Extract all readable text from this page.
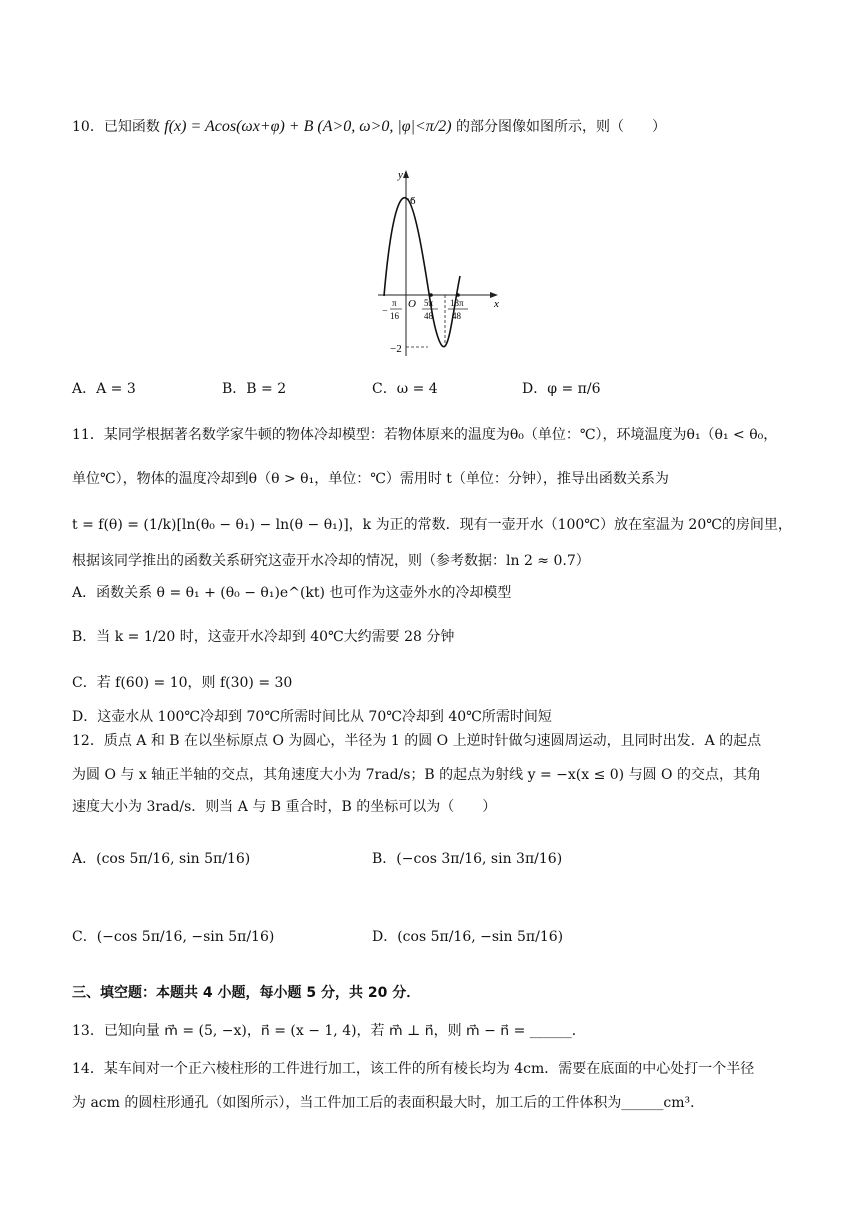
10．已知函数 f(x) = Acos(ωx+φ) + B (A>0, ω>0, |φ|<π/2) 的部分图像如图所示，则（　　）
y
x
6
−2
O
−
π
16
5π
48
13π
48
A．A = 3	B．B = 2	C．ω = 4	D．φ = π/6
11．某同学根据著名数学家牛顿的物体冷却模型：若物体原来的温度为θ₀（单位：℃），环境温度为θ₁（θ₁ < θ₀，
单位℃），物体的温度冷却到θ（θ > θ₁，单位：℃）需用时 t（单位：分钟），推导出函数关系为
t = f(θ) = (1/k)[ln(θ₀ − θ₁) − ln(θ − θ₁)]，k 为正的常数．现有一壶开水（100℃）放在室温为 20℃的房间里，
根据该同学推出的函数关系研究这壶开水冷却的情况，则（参考数据：ln 2 ≈ 0.7）
A．函数关系 θ = θ₁ + (θ₀ − θ₁)e^(kt) 也可作为这壶外水的冷却模型
B．当 k = 1/20 时，这壶开水冷却到 40℃大约需要 28 分钟
C．若 f(60) = 10，则 f(30) = 30
D．这壶水从 100℃冷却到 70℃所需时间比从 70℃冷却到 40℃所需时间短
12．质点 A 和 B 在以坐标原点 O 为圆心，半径为 1 的圆 O 上逆时针做匀速圆周运动，且同时出发．A 的起点
为圆 O 与 x 轴正半轴的交点，其角速度大小为 7rad/s；B 的起点为射线 y = −x(x ≤ 0) 与圆 O 的交点，其角
速度大小为 3rad/s．则当 A 与 B 重合时，B 的坐标可以为（　　）
A．(cos 5π/16, sin 5π/16)	B．(−cos 3π/16, sin 3π/16)
C．(−cos 5π/16, −sin 5π/16)	D．(cos 5π/16, −sin 5π/16)
三、填空题：本题共 4 小题，每小题 5 分，共 20 分．
13．已知向量 m⃗ = (5, −x)，n⃗ = (x − 1, 4)，若 m⃗ ⊥ n⃗，则 m⃗ − n⃗ = ______．
14．某车间对一个正六棱柱形的工件进行加工，该工件的所有棱长均为 4cm．需要在底面的中心处打一个半径
为 acm 的圆柱形通孔（如图所示），当工件加工后的表面积最大时，加工后的工件体积为______cm³．
